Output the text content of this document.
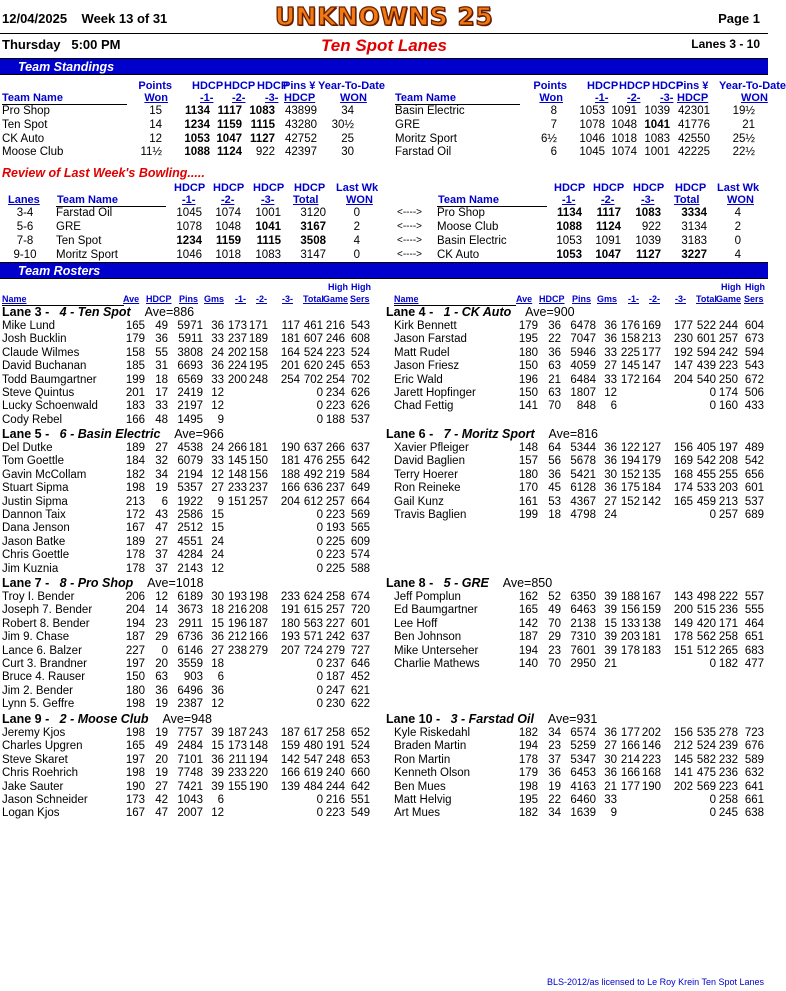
12/04/2025 Week 13 of 31	UNKNOWNS 25	Page 1
Thursday 5:00 PM	Ten Spot Lanes	Lanes 3 - 10
Team Standings
Points
Won
Team Name
HDCP
-1-
HDCP
-2-
HDCP
-3-
Pins ¥
HDCP
Year-To-Date
WON
Pro Shop	15	1134 1117 1083 43899	34
Ten Spot	14	1234 1159 1115 43280	30½
CK Auto	12	1053 1047 1127 42752	25
Moose Club	11½	1088 1124	922 42397	30
Points
Won
Team Name
HDCP
-1-
HDCP
-2-
HDCP
-3-
Pins ¥
HDCP
Year-To-Date
WON
Basin Electric	8	1053 1091 1039 42301	19½
GRE	7	1078 1048 1041 41776	21
Moritz Sport	6½	1046 1018 1083 42550	25½
Farstad Oil	6	1045 1074 1001 42225	22½
Review of Last Week's Bowling.....
Lanes Team Name
HDCP
-1-
HDCP
-2-
HDCP
-3-
HDCP
Total
Last Wk
WON	Team Name
HDCP
-1-
HDCP
-2-
HDCP
-3-
HDCP
Total
Last Wk
WON
3-4	Farstad Oil	1045	1074	1001	3120	0	<----> Pro Shop	1134	1117	1083	3334	4
5-6	GRE	1078	1048	1041	3167	2	<----> Moose Club	1088	1124	922	3134	2
7-8	Ten Spot	1234	1159	1115	3508	4	<----> Basin Electric	1053	1091	1039	3183	0
9-10	Moritz Sport	1046	1018	1083	3147	0	<----> CK Auto	1053	1047	1127	3227	4
Team Rosters
High High
Name	Ave HDCP Pins Gms -1- -2- -3- Total Game Sers
High High
Name	Ave HDCP Pins Gms -1- -2- -3- Total Game Sers
Lane 3 -   4 - Ten Spot    Ave=886
Mike Lund	165 49 5971 36 173 171	117 461 216 543
Josh Bucklin	179 36 5911 33 237 189	181 607 246 608
Claude Wilmes	158 55 3808 24 202 158	164 524 223 524
David Buchanan	185 31 6693 36 224 195	201 620 245 653
Todd Baumgartner	199 18 6569 33 200 248	254 702 254 702
Steve Quintus	201 17 2419 12	0 234 626
Lucky Schoenwald	183 33 2197 12	0 223 626
Cody Rebel	166 48 1495	9	0 188 537
Lane 5 -   6 - Basin Electric    Ave=966
Del Dutke	189 27 4538 24 266 181	190 637 266 637
Tom Goettle	184 32 6079 33 145 150	181 476 255 642
Gavin McCollam	182 34 2194 12 148 156	188 492 219 584
Stuart Sipma	198 19 5357 27 233 237	166 636 237 649
Justin Sipma	213	6 1922	9 151 257	204 612 257 664
Dannon Taix	172 43 2586 15	0 223 569
Dana Jenson	167 47 2512 15	0 193 565
Jason Batke	189 27 4551 24	0 225 609
Chris Goettle	178 37 4284 24	0 223 574
Jim Kuznia	178 37 2143 12	0 225 588
Lane 7 -   8 - Pro Shop    Ave=1018
Troy I. Bender	206 12 6189 30 193 198	233 624 258 674
Joseph 7. Bender	204 14 3673 18 216 208	191 615 257 720
Robert 8. Bender	194 23 2911 15 196 187	180 563 227 601
Jim 9. Chase	187 29 6736 36 212 166	193 571 242 637
Lance 6. Balzer	227	0 6146 27 238 279	207 724 279 727
Curt 3. Brandner	197 20 3559 18	0 237 646
Bruce 4. Rauser	150 63	903	6	0 187 452
Jim 2. Bender	180 36 6496 36	0 247 621
Lynn 5. Geffre	198 19 2387 12	0 230 622
Lane 9 -   2 - Moose Club    Ave=948
Jeremy Kjos	198 19 7757 39 187 243	187 617 258 652
Charles Upgren	165 49 2484 15 173 148	159 480 191 524
Steve Skaret	197 20 7101 36 211 194	142 547 248 653
Chris Roehrich	198 19 7748 39 233 220	166 619 240 660
Jake Sauter	190 27 7421 39 155 190	139 484 244 642
Jason Schneider	173 42 1043	6	0 216 551
Logan Kjos	167 47 2007 12	0 223 549
Lane 4 -   1 - CK Auto    Ave=900
Kirk Bennett	179 36 6478 36 176 169	177 522 244 604
Jason Farstad	195 22 7047 36 158 213	230 601 257 673
Matt Rudel	180 36 5946 33 225 177	192 594 242 594
Jason Friesz	150 63 4059 27 145 147	147 439 223 543
Eric Wald	196 21 6484 33 172 164	204 540 250 672
Jarett Hopfinger	150 63 1807 12	0 174 506
Chad Fettig	141 70	848	6	0 160 433
Lane 6 -   7 - Moritz Sport    Ave=816
Xavier Pfleiger	148 64 5344 36 122 127	156 405 197 489
David Baglien	157 56 5678 36 194 179	169 542 208 542
Terry Hoerer	180 36 5421 30 152 135	168 455 255 656
Ron Reineke	170 45 6128 36 175 184	174 533 203 601
Gail Kunz	161 53 4367 27 152 142	165 459 213 537
Travis Baglien	199 18 4798 24	0 257 689
Lane 8 -   5 - GRE    Ave=850
Jeff Pomplun	162 52 6350 39 188 167	143 498 222 557
Ed Baumgartner	165 49 6463 39 156 159	200 515 236 555
Lee Hoff	142 70 2138 15 133 138	149 420 171 464
Ben Johnson	187 29 7310 39 203 181	178 562 258 651
Mike Unterseher	194 23 7601 39 178 183	151 512 265 683
Charlie Mathews	140 70 2950 21	0 182 477
Lane 10 -   3 - Farstad Oil    Ave=931
Kyle Riskedahl	182 34 6574 36 177 202	156 535 278 723
Braden Martin	194 23 5259 27 166 146	212 524 239 676
Ron Martin	178 37 5347 30 214 223	145 582 232 589
Kenneth Olson	179 36 6453 36 166 168	141 475 236 632
Ben Mues	198 19 4163 21 177 190	202 569 223 641
Matt Helvig	195 22 6460 33	0 258 661
Art Mues	182 34 1639	9	0 245 638
BLS-2012/as licensed to Le Roy Krein Ten Spot Lanes
